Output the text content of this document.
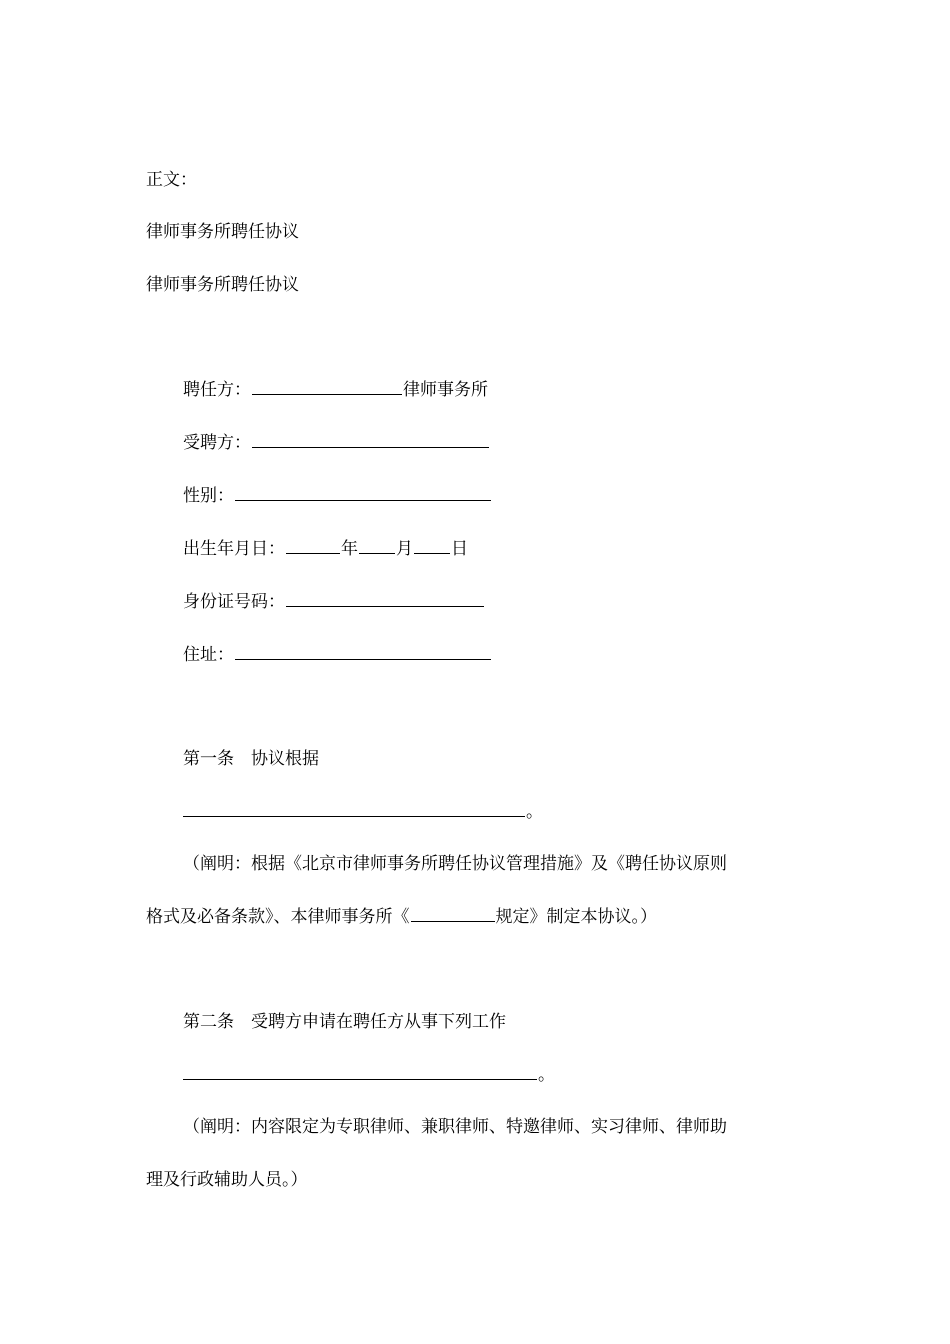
正文：
律师事务所聘任协议
律师事务所聘任协议
聘任方：	律师事务所
受聘方：
性别：
出生年月日：	年 月 日
身份证号码：
住址：
第一条　协议根据
。
（阐明：根据《北京市律师事务所聘任协议管理措施》及《聘任协议原则
格式及必备条款》、本律师事务所《	规定》制定本协议。）
第二条　受聘方申请在聘任方从事下列工作
。
（阐明：内容限定为专职律师、兼职律师、特邀律师、实习律师、律师助
理及行政辅助人员。）
